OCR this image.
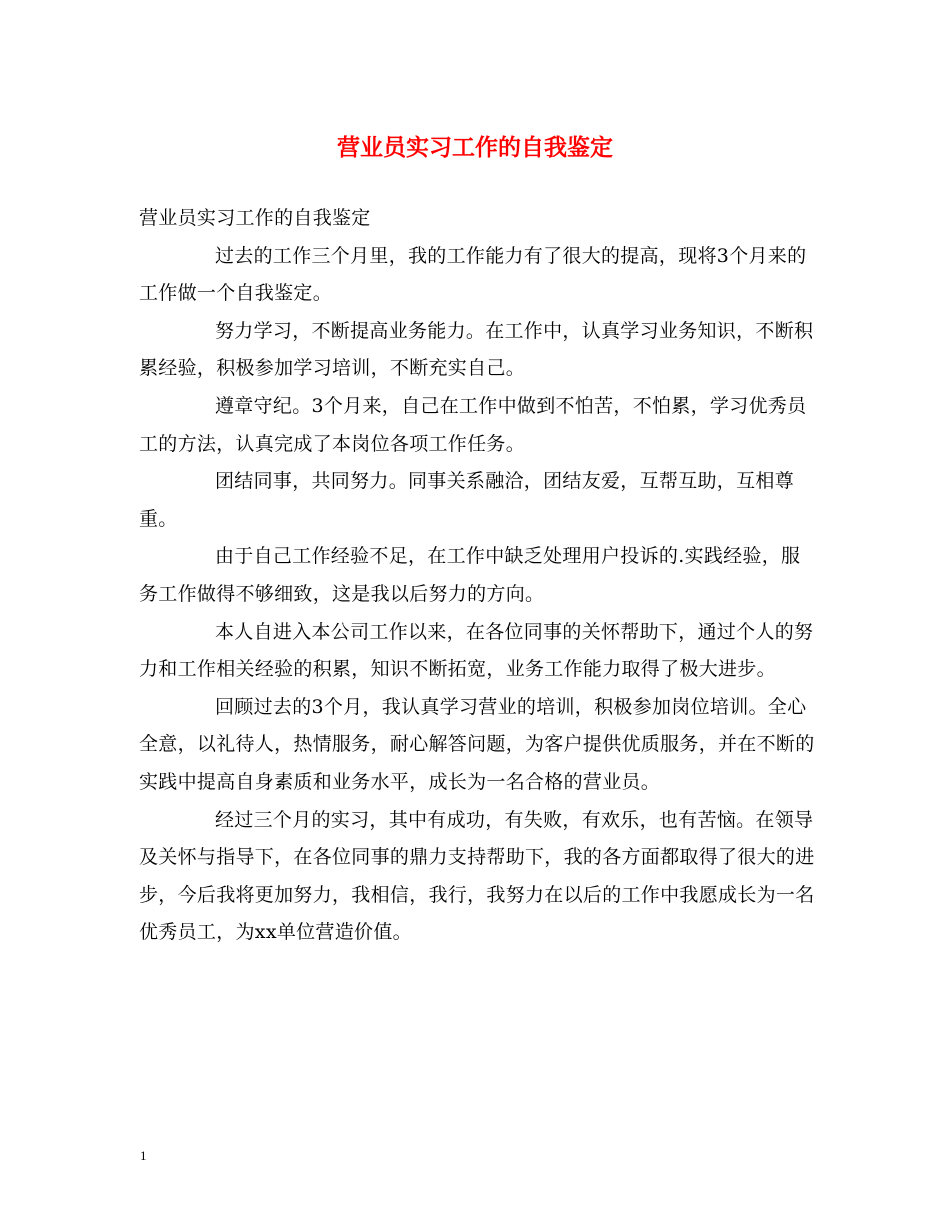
营业员实习工作的自我鉴定

营业员实习工作的自我鉴定

过去的工作三个月里，我的工作能力有了很大的提高，现将3个月来的工作做一个自我鉴定。

努力学习，不断提高业务能力。在工作中，认真学习业务知识，不断积累经验，积极参加学习培训，不断充实自己。

遵章守纪。3个月来，自己在工作中做到不怕苦，不怕累，学习优秀员工的方法，认真完成了本岗位各项工作任务。

团结同事，共同努力。同事关系融洽，团结友爱，互帮互助，互相尊重。

由于自己工作经验不足，在工作中缺乏处理用户投诉的.实践经验，服务工作做得不够细致，这是我以后努力的方向。

本人自进入本公司工作以来，在各位同事的关怀帮助下，通过个人的努力和工作相关经验的积累，知识不断拓宽，业务工作能力取得了极大进步。

回顾过去的3个月，我认真学习营业的培训，积极参加岗位培训。全心全意，以礼待人，热情服务，耐心解答问题，为客户提供优质服务，并在不断的实践中提高自身素质和业务水平，成长为一名合格的营业员。

经过三个月的实习，其中有成功，有失败，有欢乐，也有苦恼。在领导及关怀与指导下，在各位同事的鼎力支持帮助下，我的各方面都取得了很大的进步，今后我将更加努力，我相信，我行，我努力在以后的工作中我愿成长为一名优秀员工，为xx单位营造价值。

1
